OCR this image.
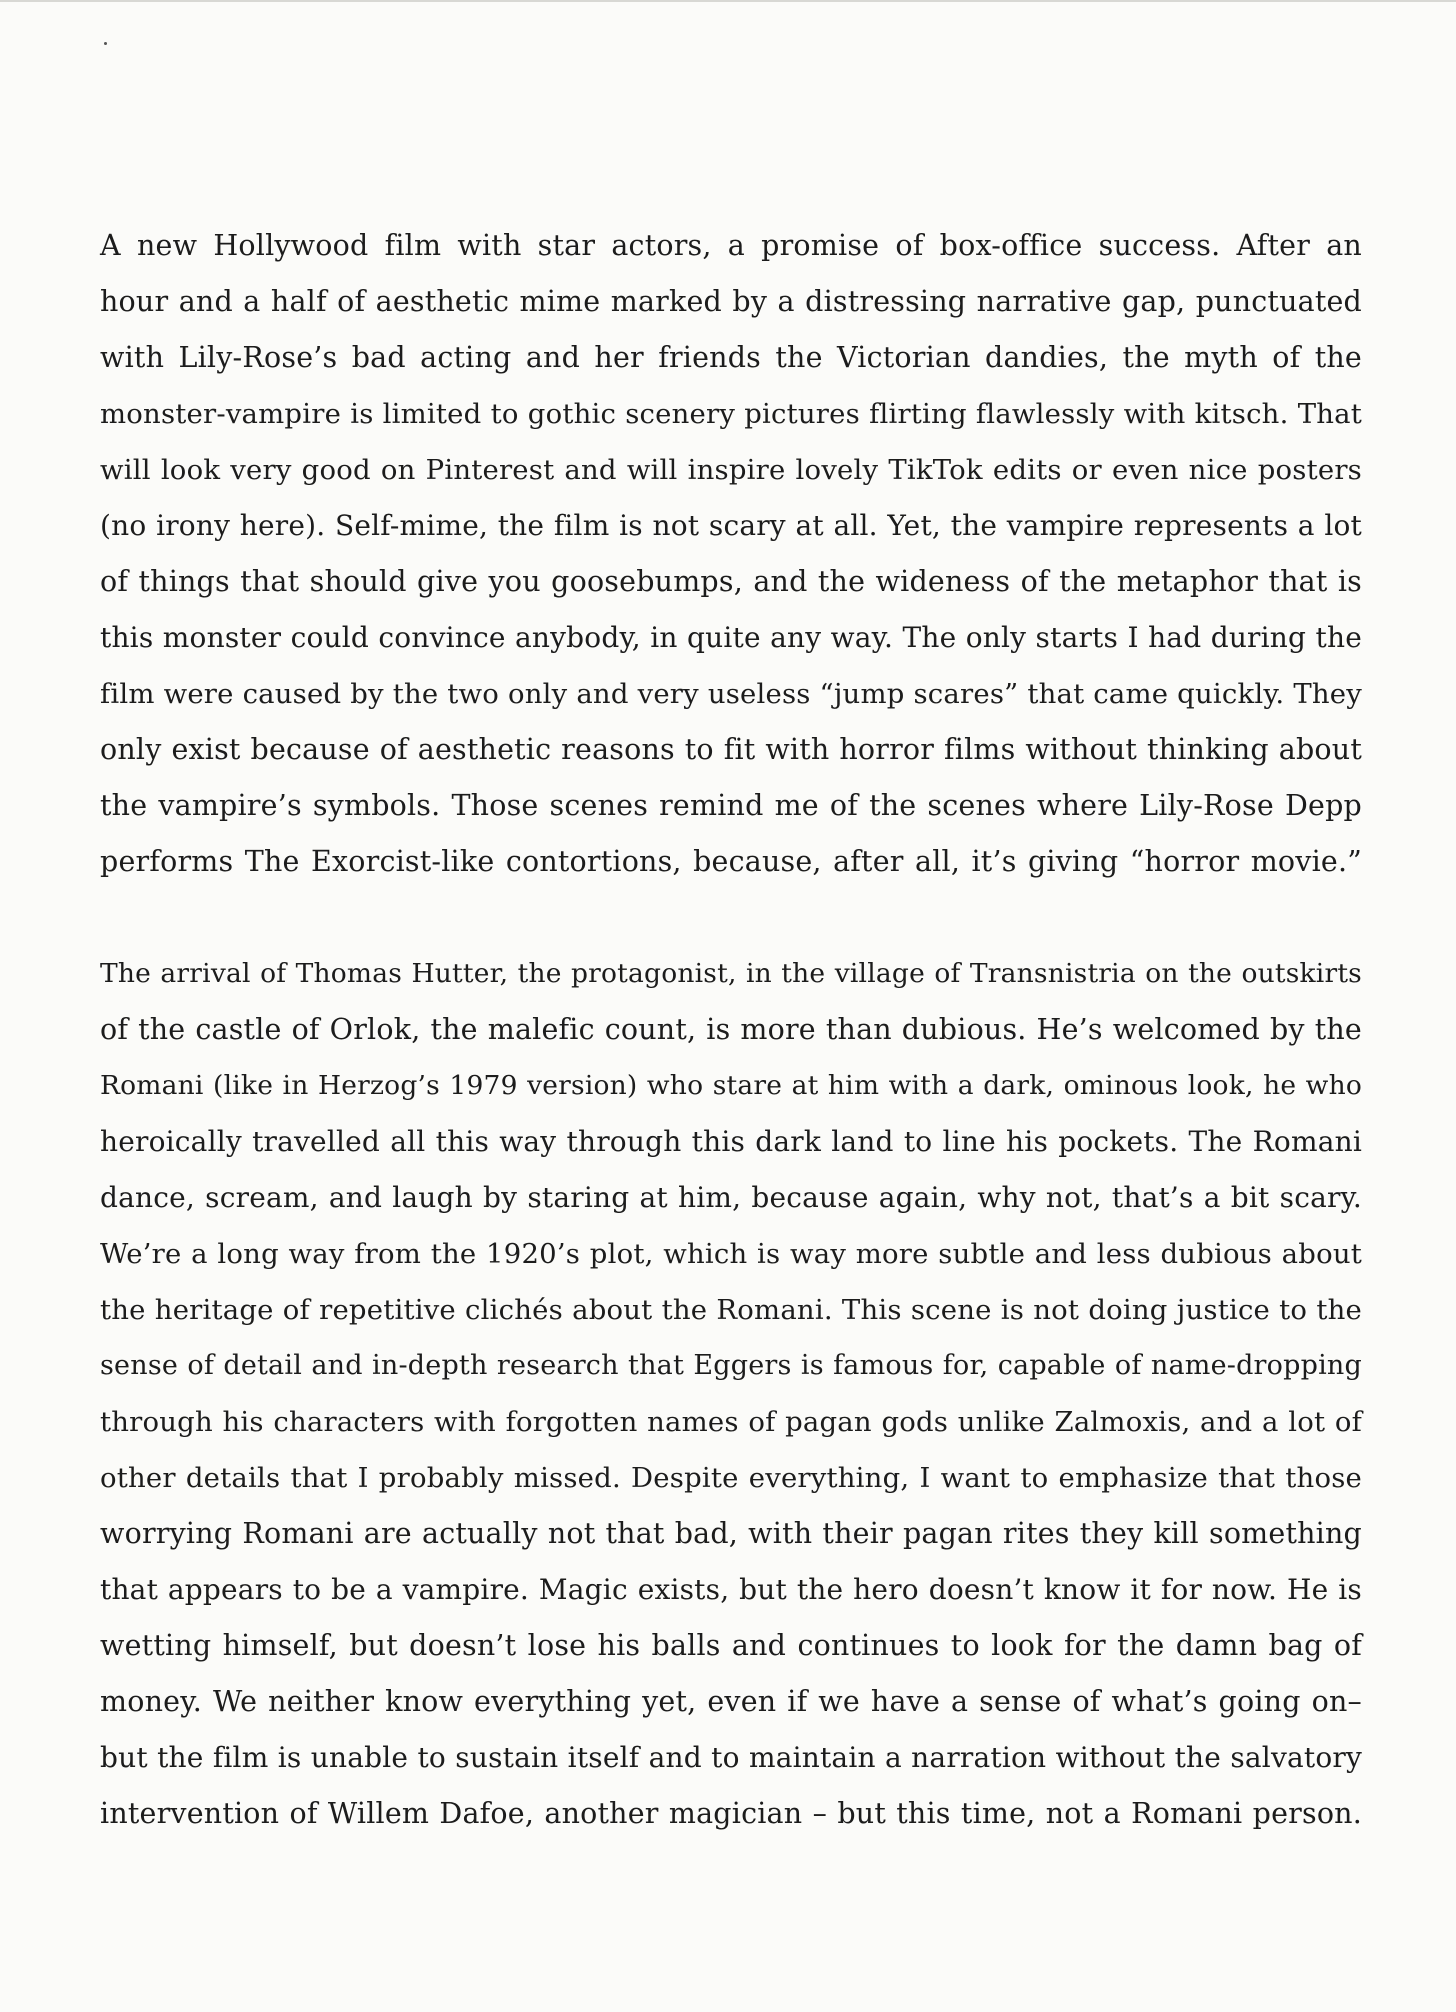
A new Hollywood film with star actors, a promise of box-office success. After an
hour and a half of aesthetic mime marked by a distressing narrative gap, punctuated
with Lily-Rose’s bad acting and her friends the Victorian dandies, the myth of the
monster-vampire is limited to gothic scenery pictures flirting flawlessly with kitsch. That
will look very good on Pinterest and will inspire lovely TikTok edits or even nice posters
(no irony here). Self-mime, the film is not scary at all. Yet, the vampire represents a lot
of things that should give you goosebumps, and the wideness of the metaphor that is
this monster could convince anybody, in quite any way. The only starts I had during the
film were caused by the two only and very useless “jump scares” that came quickly. They
only exist because of aesthetic reasons to fit with horror films without thinking about
the vampire’s symbols. Those scenes remind me of the scenes where Lily-Rose Depp
performs The Exorcist-like contortions, because, after all, it’s giving “horror movie.”
The arrival of Thomas Hutter, the protagonist, in the village of Transnistria on the outskirts
of the castle of Orlok, the malefic count, is more than dubious. He’s welcomed by the
Romani (like in Herzog’s 1979 version) who stare at him with a dark, ominous look, he who
heroically travelled all this way through this dark land to line his pockets. The Romani
dance, scream, and laugh by staring at him, because again, why not, that’s a bit scary.
We’re a long way from the 1920’s plot, which is way more subtle and less dubious about
the heritage of repetitive clichés about the Romani. This scene is not doing justice to the
sense of detail and in-depth research that Eggers is famous for, capable of name-dropping
through his characters with forgotten names of pagan gods unlike Zalmoxis, and a lot of
other details that I probably missed. Despite everything, I want to emphasize that those
worrying Romani are actually not that bad, with their pagan rites they kill something
that appears to be a vampire. Magic exists, but the hero doesn’t know it for now. He is
wetting himself, but doesn’t lose his balls and continues to look for the damn bag of
money. We neither know everything yet, even if we have a sense of what’s going on–
but the film is unable to sustain itself and to maintain a narration without the salvatory
intervention of Willem Dafoe, another magician – but this time, not a Romani person.
